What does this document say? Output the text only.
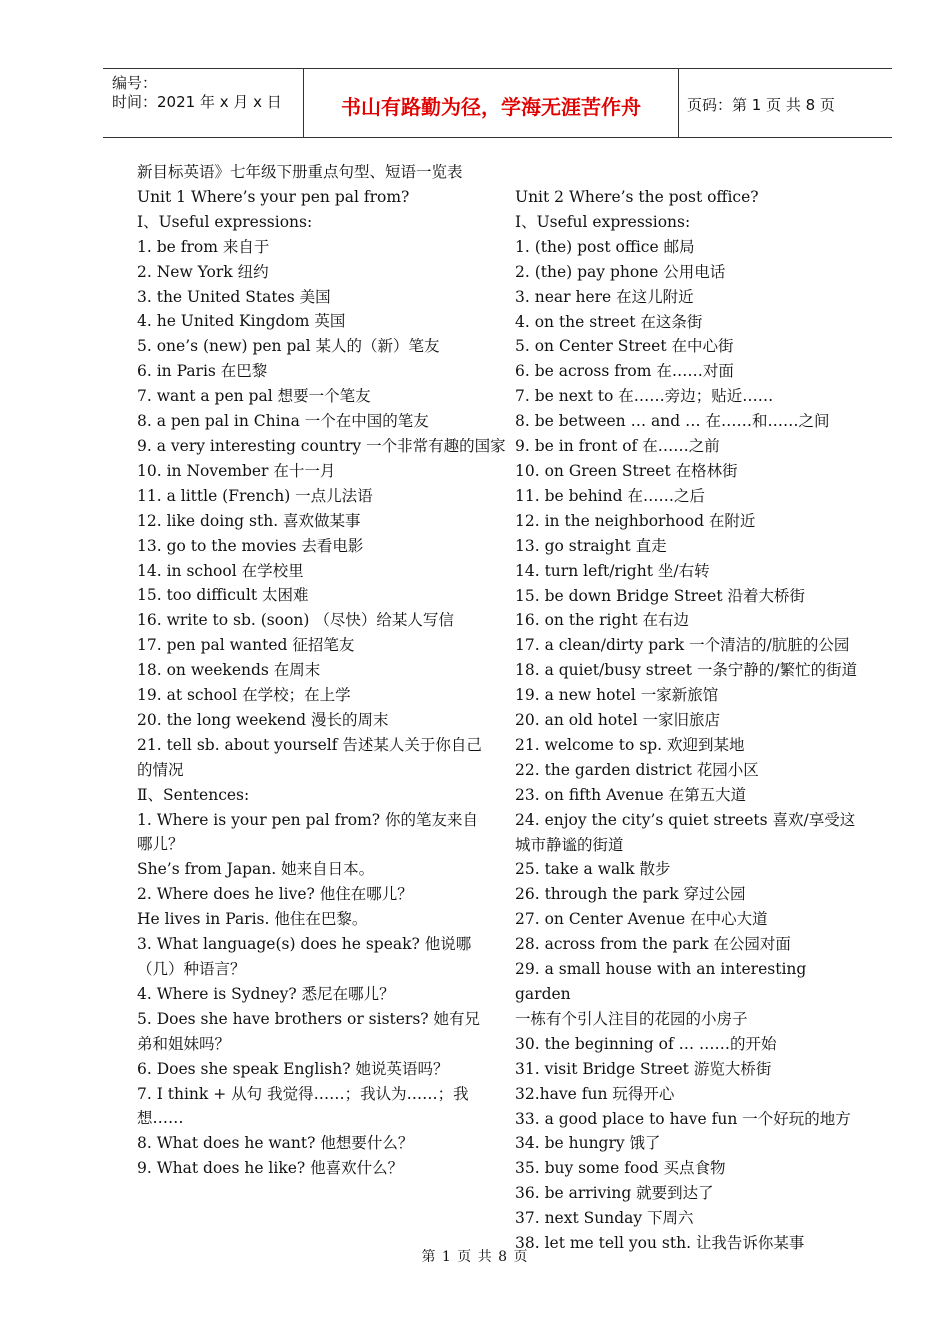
编号：
时间：2021 年 x 月 x 日	书山有路勤为径，学海无涯苦作舟	页码：第 1 页 共 8 页

新目标英语》七年级下册重点句型、短语一览表

Unit 1 Where’s your pen pal from?

Ⅰ、Useful expressions:

1. be from 来自于

2. New York 纽约

3. the United States 美国

4. he United Kingdom 英国

5. one’s (new) pen pal 某人的（新）笔友

6. in Paris 在巴黎

7. want a pen pal 想要一个笔友

8. a pen pal in China 一个在中国的笔友

9. a very interesting country 一个非常有趣的国家

10. in November 在十一月

11. a little (French) 一点儿法语

12. like doing sth. 喜欢做某事

13. go to the movies 去看电影

14. in school 在学校里

15. too difficult 太困难

16. write to sb. (soon) （尽快）给某人写信

17. pen pal wanted 征招笔友

18. on weekends 在周末

19. at school 在学校；在上学

20. the long weekend 漫长的周末

21. tell sb. about yourself 告述某人关于你自己的情况

Ⅱ、Sentences:

1. Where is your pen pal from? 你的笔友来自哪儿？

She’s from Japan. 她来自日本。

2. Where does he live? 他住在哪儿？

He lives in Paris. 他住在巴黎。

3. What language(s) does he speak? 他说哪（几）种语言？

4. Where is Sydney? 悉尼在哪儿？

5. Does she have brothers or sisters? 她有兄弟和姐妹吗？

6. Does she speak English? 她说英语吗？

7. I think + 从句 我觉得……；我认为……；我想……

8. What does he want? 他想要什么？

9. What does he like? 他喜欢什么？

Unit 2 Where’s the post office?

Ⅰ、Useful expressions:

1. (the) post office 邮局

2. (the) pay phone 公用电话

3. near here 在这儿附近

4. on the street 在这条街

5. on Center Street 在中心街

6. be across from 在……对面

7. be next to 在……旁边；贴近……

8. be between … and … 在……和……之间

9. be in front of 在……之前

10. on Green Street 在格林街

11. be behind 在……之后

12. in the neighborhood 在附近

13. go straight 直走

14. turn left/right 坐/右转

15. be down Bridge Street 沿着大桥街

16. on the right 在右边

17. a clean/dirty park 一个清洁的/肮脏的公园

18. a quiet/busy street 一条宁静的/繁忙的街道

19. a new hotel 一家新旅馆

20. an old hotel 一家旧旅店

21. welcome to sp. 欢迎到某地

22. the garden district 花园小区

23. on fifth Avenue 在第五大道

24. enjoy the city’s quiet streets 喜欢/享受这城市静谧的街道

25. take a walk 散步

26. through the park 穿过公园

27. on Center Avenue 在中心大道

28. across from the park 在公园对面

29. a small house with an interesting garden

一栋有个引人注目的花园的小房子

30. the beginning of … ……的开始

31. visit Bridge Street 游览大桥街

32.have fun 玩得开心

33. a good place to have fun 一个好玩的地方

34. be hungry 饿了

35. buy some food 买点食物

36. be arriving 就要到达了

37. next Sunday 下周六

38. let me tell you sth. 让我告诉你某事

第 1 页 共 8 页
